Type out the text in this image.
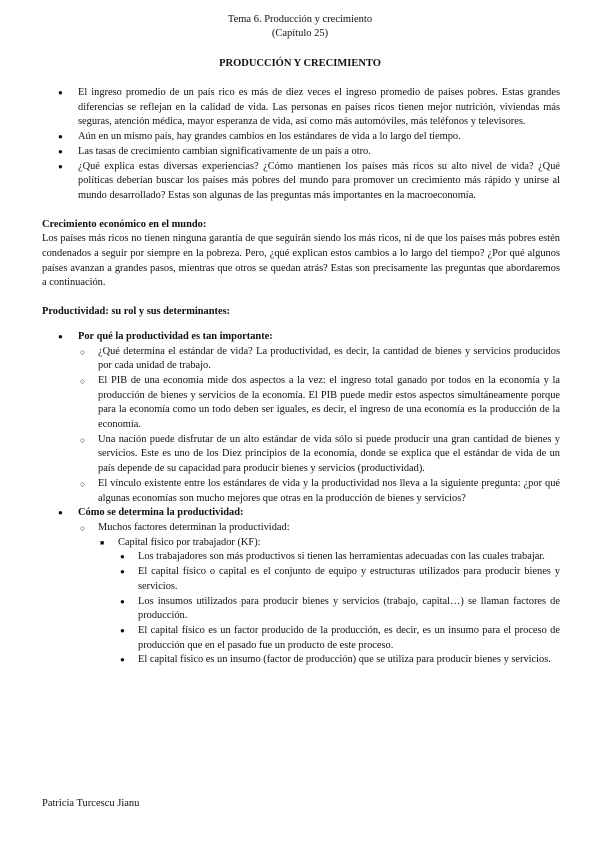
Tema 6. Producción y crecimiento
(Capítulo 25)
PRODUCCIÓN Y CRECIMIENTO
● El ingreso promedio de un país rico es más de diez veces el ingreso promedio de países pobres. Estas grandes diferencias se reflejan en la calidad de vida. Las personas en países ricos tienen mejor nutrición, viviendas más seguras, atención médica, mayor esperanza de vida, así como más automóviles, más teléfonos y televisores.
● Aún en un mismo país, hay grandes cambios en los estándares de vida a lo largo del tiempo.
● Las tasas de crecimiento cambian significativamente de un país a otro.
● ¿Qué explica estas diversas experiencias? ¿Cómo mantienen los países más ricos su alto nivel de vida? ¿Qué políticas deberían buscar los países más pobres del mundo para promover un crecimiento más rápido y unirse al mundo desarrollado? Estas son algunas de las preguntas más importantes en la macroeconomía.

Crecimiento económico en el mundo:

Los países más ricos no tienen ninguna garantía de que seguirán siendo los más ricos, ni de que los países más pobres estén condenados a seguir por siempre en la pobreza. Pero, ¿qué explican estos cambios a lo largo del tiempo? ¿Por qué algunos países avanzan a grandes pasos, mientras que otros se quedan atrás? Estas son precisamente las preguntas que abordaremos a continuación.

Productividad: su rol y sus determinantes:

● Por qué la productividad es tan importante:
○ ¿Qué determina el estándar de vida? La productividad, es decir, la cantidad de bienes y servicios producidos por cada unidad de trabajo.
○ El PIB de una economía mide dos aspectos a la vez: el ingreso total ganado por todos en la economía y la producción de bienes y servicios de la economía. El PIB puede medir estos aspectos simultáneamente porque para la economía como un todo deben ser iguales, es decir, el ingreso de una economía es la producción de la economía.
○ Una nación puede disfrutar de un alto estándar de vida sólo si puede producir una gran cantidad de bienes y servicios. Este es uno de los Diez principios de la economía, donde se explica que el estándar de vida de un país depende de su capacidad para producir bienes y servicios (productividad).
○ El vínculo existente entre los estándares de vida y la productividad nos lleva a la siguiente pregunta: ¿por qué algunas economías son mucho mejores que otras en la producción de bienes y servicios?
● Cómo se determina la productividad:
○ Muchos factores determinan la productividad:
■ Capital físico por trabajador (KF):
● Los trabajadores son más productivos si tienen las herramientas adecuadas con las cuales trabajar.
● El capital físico o capital es el conjunto de equipo y estructuras utilizados para producir bienes y servicios.
● Los insumos utilizados para producir bienes y servicios (trabajo, capital…) se llaman factores de producción.
● El capital físico es un factor producido de la producción, es decir, es un insumo para el proceso de producción que en el pasado fue un producto de este proceso.
● El capital físico es un insumo (factor de producción) que se utiliza para producir bienes y servicios.
Patricia Turcescu Jianu
